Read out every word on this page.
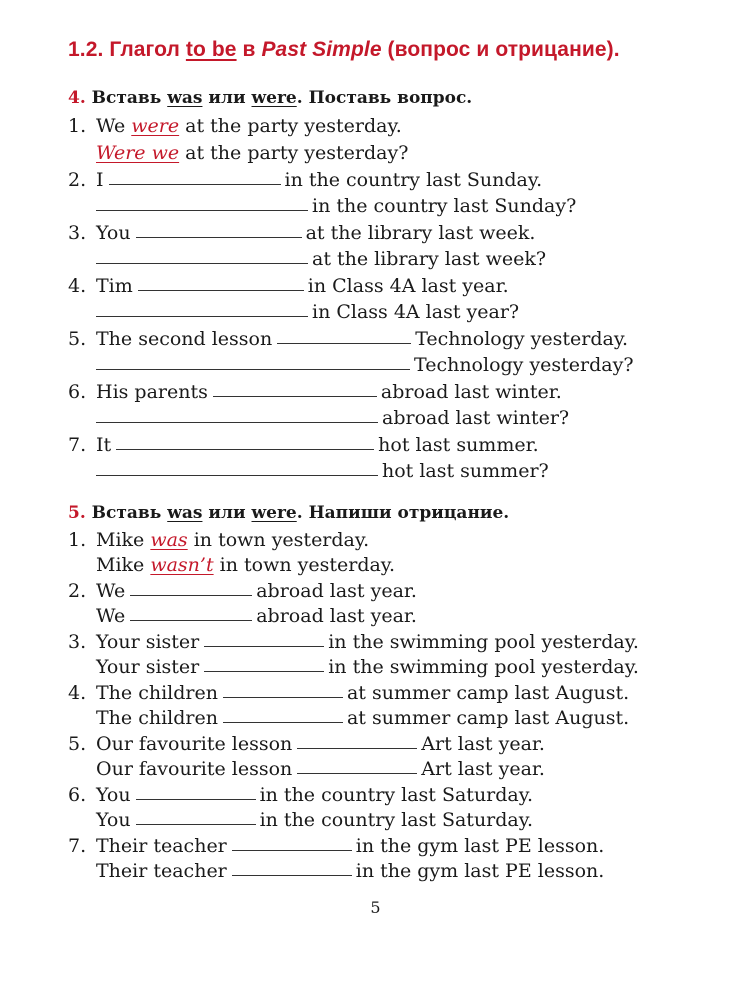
1.2. Глагол to be в Past Simple (вопрос и отрицание).
4. Вставь was или were. Поставь вопрос.
1. We were at the party yesterday.
Were we at the party yesterday?
2. I	in the country last Sunday.
in the country last Sunday?
3. You	at the library last week.
at the library last week?
4. Tim	in Class 4A last year.
in Class 4A last year?
5. The second lesson	Technology yesterday.
Technology yesterday?
6. His parents	abroad last winter.
abroad last winter?
7. It	hot last summer.
hot last summer?
5. Вставь was или were. Напиши отрицание.
1. Mike was in town yesterday.
Mike wasn’t in town yesterday.
2. We	abroad last year.
We	abroad last year.
3. Your sister	in the swimming pool yesterday.
Your sister	in the swimming pool yesterday.
4. The children	at summer camp last August.
The children	at summer camp last August.
5. Our favourite lesson	Art last year.
Our favourite lesson	Art last year.
6. You	in the country last Saturday.
You	in the country last Saturday.
7. Their teacher	in the gym last PE lesson.
Their teacher	in the gym last PE lesson.
5
